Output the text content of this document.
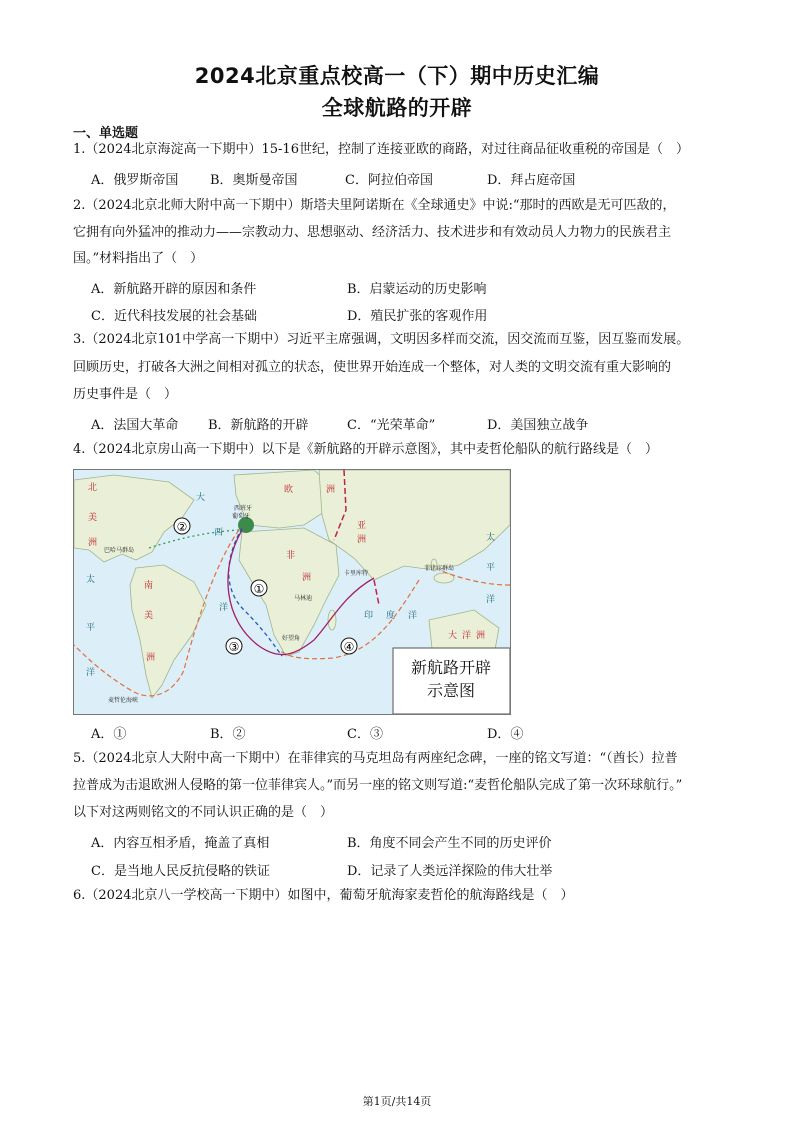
2024北京重点校高一（下）期中历史汇编
全球航路的开辟
一、单选题
1.（2024北京海淀高一下期中）15-16世纪，控制了连接亚欧的商路，对过往商品征收重税的帝国是（　）
A．俄罗斯帝国 B．奥斯曼帝国	C．阿拉伯帝国	D．拜占庭帝国
2.（2024北京北师大附中高一下期中）斯塔夫里阿诺斯在《全球通史》中说:“那时的西欧是无可匹敌的，
它拥有向外猛冲的推动力——宗教动力、思想驱动、经济活力、技术进步和有效动员人力物力的民族君主
国。”材料指出了（　）
A．新航路开辟的原因和条件	B．启蒙运动的历史影响
C．近代科技发展的社会基础	D．殖民扩张的客观作用
3.（2024北京101中学高一下期中）习近平主席强调，文明因多样而交流，因交流而互鉴，因互鉴而发展。
回顾历史，打破各大洲之间相对孤立的状态，使世界开始连成一个整体，对人类的文明交流有重大影响的
历史事件是（　）
A．法国大革命 B．新航路的开辟	C．“光荣革命”	D．美国独立战争
4.（2024北京房山高一下期中）以下是《新航路的开辟示意图》，其中麦哲伦船队的航行路线是（　）
①
②
③	④
北
美
洲
南
美
洲
欧	洲
亚
洲
非
洲
大 洋 洲
太
平
洋
大
西
洋
印 度 洋
太
平
洋
西班牙
葡萄牙
巴哈马群岛
卡里库特
马林迪
好望角
菲律宾群岛
麦哲伦海峡
新航路开辟
示意图
A．①	B．②	C．③	D．④
5.（2024北京人大附中高一下期中）在菲律宾的马克坦岛有两座纪念碑，一座的铭文写道：“（酋长）拉普
拉普成为击退欧洲人侵略的第一位菲律宾人。”而另一座的铭文则写道:“麦哲伦船队完成了第一次环球航行。”
以下对这两则铭文的不同认识正确的是（　）
A．内容互相矛盾，掩盖了真相	B．角度不同会产生不同的历史评价
C．是当地人民反抗侵略的铁证	D．记录了人类远洋探险的伟大壮举
6.（2024北京八一学校高一下期中）如图中，葡萄牙航海家麦哲伦的航海路线是（　）
第1页/共14页
